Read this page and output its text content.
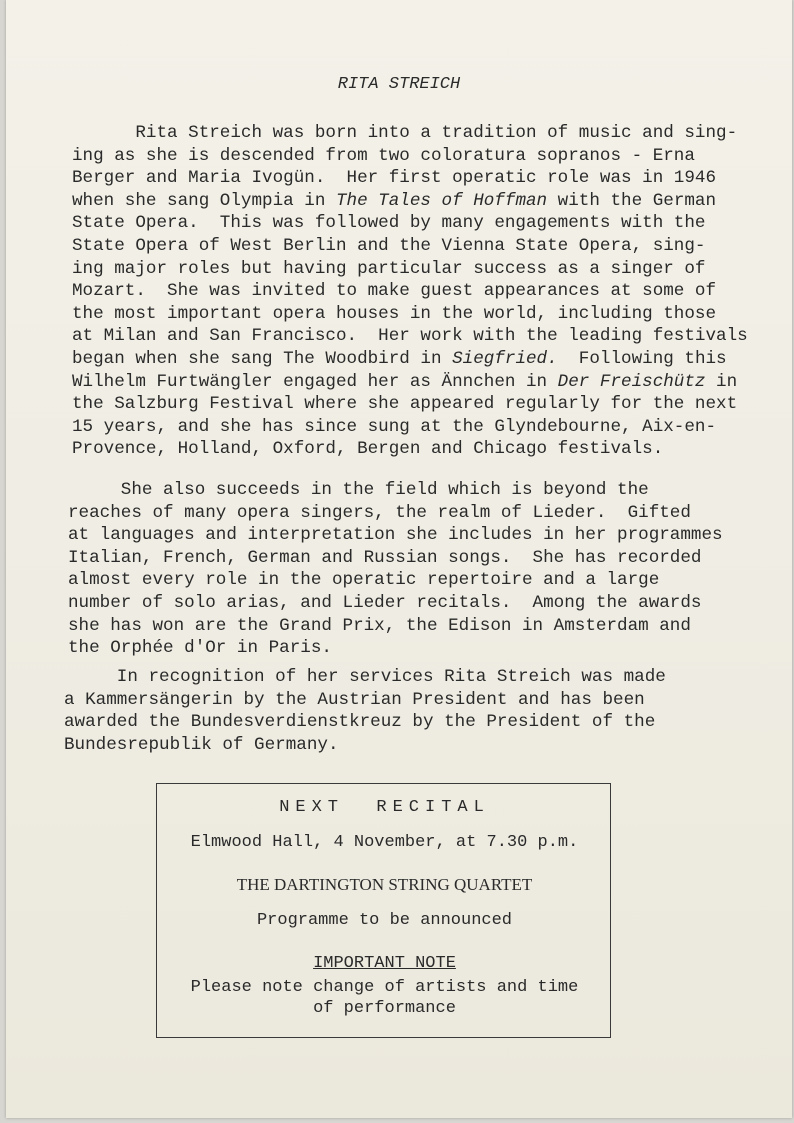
RITA STREICH
Rita Streich was born into a tradition of music and sing-
ing as she is descended from two coloratura sopranos - Erna
Berger and Maria Ivogün.  Her first operatic role was in 1946
when she sang Olympia in The Tales of Hoffman with the German
State Opera.  This was followed by many engagements with the
State Opera of West Berlin and the Vienna State Opera, sing-
ing major roles but having particular success as a singer of
Mozart.  She was invited to make guest appearances at some of
the most important opera houses in the world, including those
at Milan and San Francisco.  Her work with the leading festivals
began when she sang The Woodbird in Siegfried.  Following this
Wilhelm Furtwängler engaged her as Ännchen in Der Freischütz in
the Salzburg Festival where she appeared regularly for the next
15 years, and she has since sung at the Glyndebourne, Aix-en-
Provence, Holland, Oxford, Bergen and Chicago festivals.
She also succeeds in the field which is beyond the
reaches of many opera singers, the realm of Lieder.  Gifted
at languages and interpretation she includes in her programmes
Italian, French, German and Russian songs.  She has recorded
almost every role in the operatic repertoire and a large
number of solo arias, and Lieder recitals.  Among the awards
she has won are the Grand Prix, the Edison in Amsterdam and
the Orphée d'Or in Paris.
In recognition of her services Rita Streich was made
a Kammersängerin by the Austrian President and has been
awarded the Bundesverdienstkreuz by the President of the
Bundesrepublik of Germany.
NEXT  RECITAL
Elmwood Hall, 4 November, at 7.30 p.m.
THE DARTINGTON STRING QUARTET
Programme to be announced
IMPORTANT NOTE
Please note change of artists and time
of performance
